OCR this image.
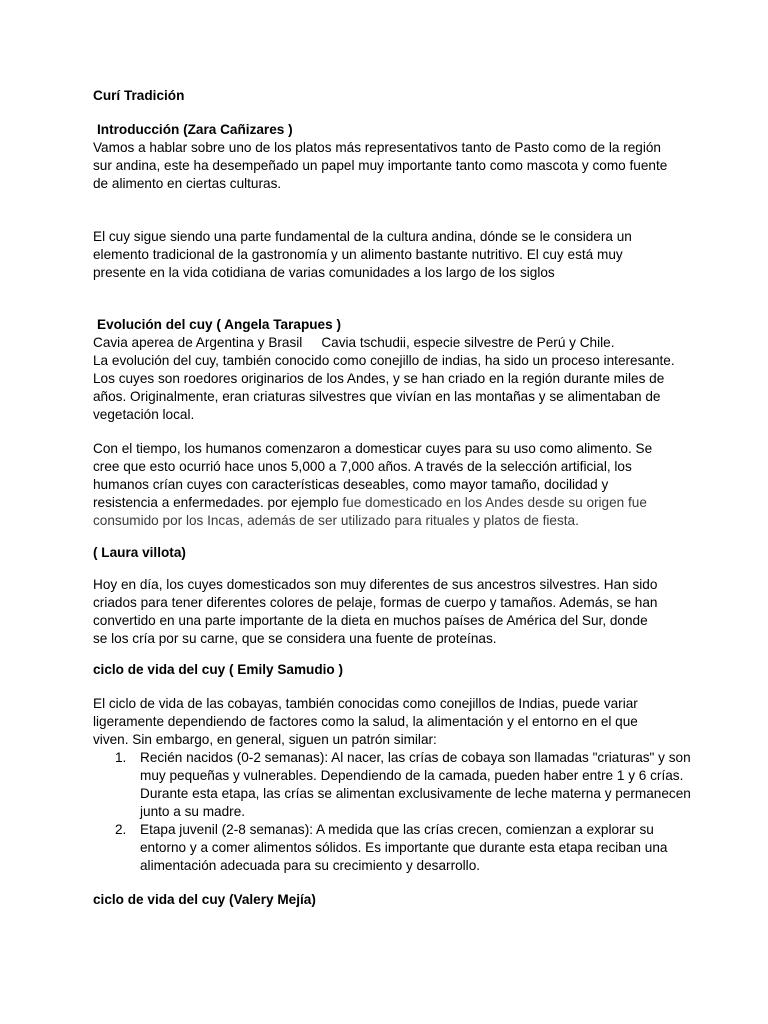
Curí Tradición
Introducción (Zara Cañizares )
Vamos a hablar sobre uno de los platos más representativos tanto de Pasto como de la región sur andina, este ha desempeñado un papel muy importante tanto como mascota y como fuente de alimento en ciertas culturas.
El cuy sigue siendo una parte fundamental de la cultura andina, dónde se le considera un elemento tradicional de la gastronomía y un alimento bastante nutritivo. El cuy está muy presente en la vida cotidiana de varias comunidades a los largo de los siglos
Evolución del cuy ( Angela Tarapues )
Cavia aperea de Argentina y Brasil Cavia tschudii, especie silvestre de Perú y Chile.
La evolución del cuy, también conocido como conejillo de indias, ha sido un proceso interesante. Los cuyes son roedores originarios de los Andes, y se han criado en la región durante miles de años. Originalmente, eran criaturas silvestres que vivían en las montañas y se alimentaban de vegetación local.
Con el tiempo, los humanos comenzaron a domesticar cuyes para su uso como alimento. Se cree que esto ocurrió hace unos 5,000 a 7,000 años. A través de la selección artificial, los humanos crían cuyes con características deseables, como mayor tamaño, docilidad y resistencia a enfermedades. por ejemplo fue domesticado en los Andes desde su origen fue consumido por los Incas, además de ser utilizado para rituales y platos de fiesta.
( Laura villota)
Hoy en día, los cuyes domesticados son muy diferentes de sus ancestros silvestres. Han sido criados para tener diferentes colores de pelaje, formas de cuerpo y tamaños. Además, se han convertido en una parte importante de la dieta en muchos países de América del Sur, donde se los cría por su carne, que se considera una fuente de proteínas.
ciclo de vida del cuy ( Emily Samudio )
El ciclo de vida de las cobayas, también conocidas como conejillos de Indias, puede variar ligeramente dependiendo de factores como la salud, la alimentación y el entorno en el que viven. Sin embargo, en general, siguen un patrón similar:
1. Recién nacidos (0-2 semanas): Al nacer, las crías de cobaya son llamadas "criaturas" y son muy pequeñas y vulnerables. Dependiendo de la camada, pueden haber entre 1 y 6 crías. Durante esta etapa, las crías se alimentan exclusivamente de leche materna y permanecen junto a su madre.
2. Etapa juvenil (2-8 semanas): A medida que las crías crecen, comienzan a explorar su entorno y a comer alimentos sólidos. Es importante que durante esta etapa reciban una alimentación adecuada para su crecimiento y desarrollo.
ciclo de vida del cuy (Valery Mejía)
